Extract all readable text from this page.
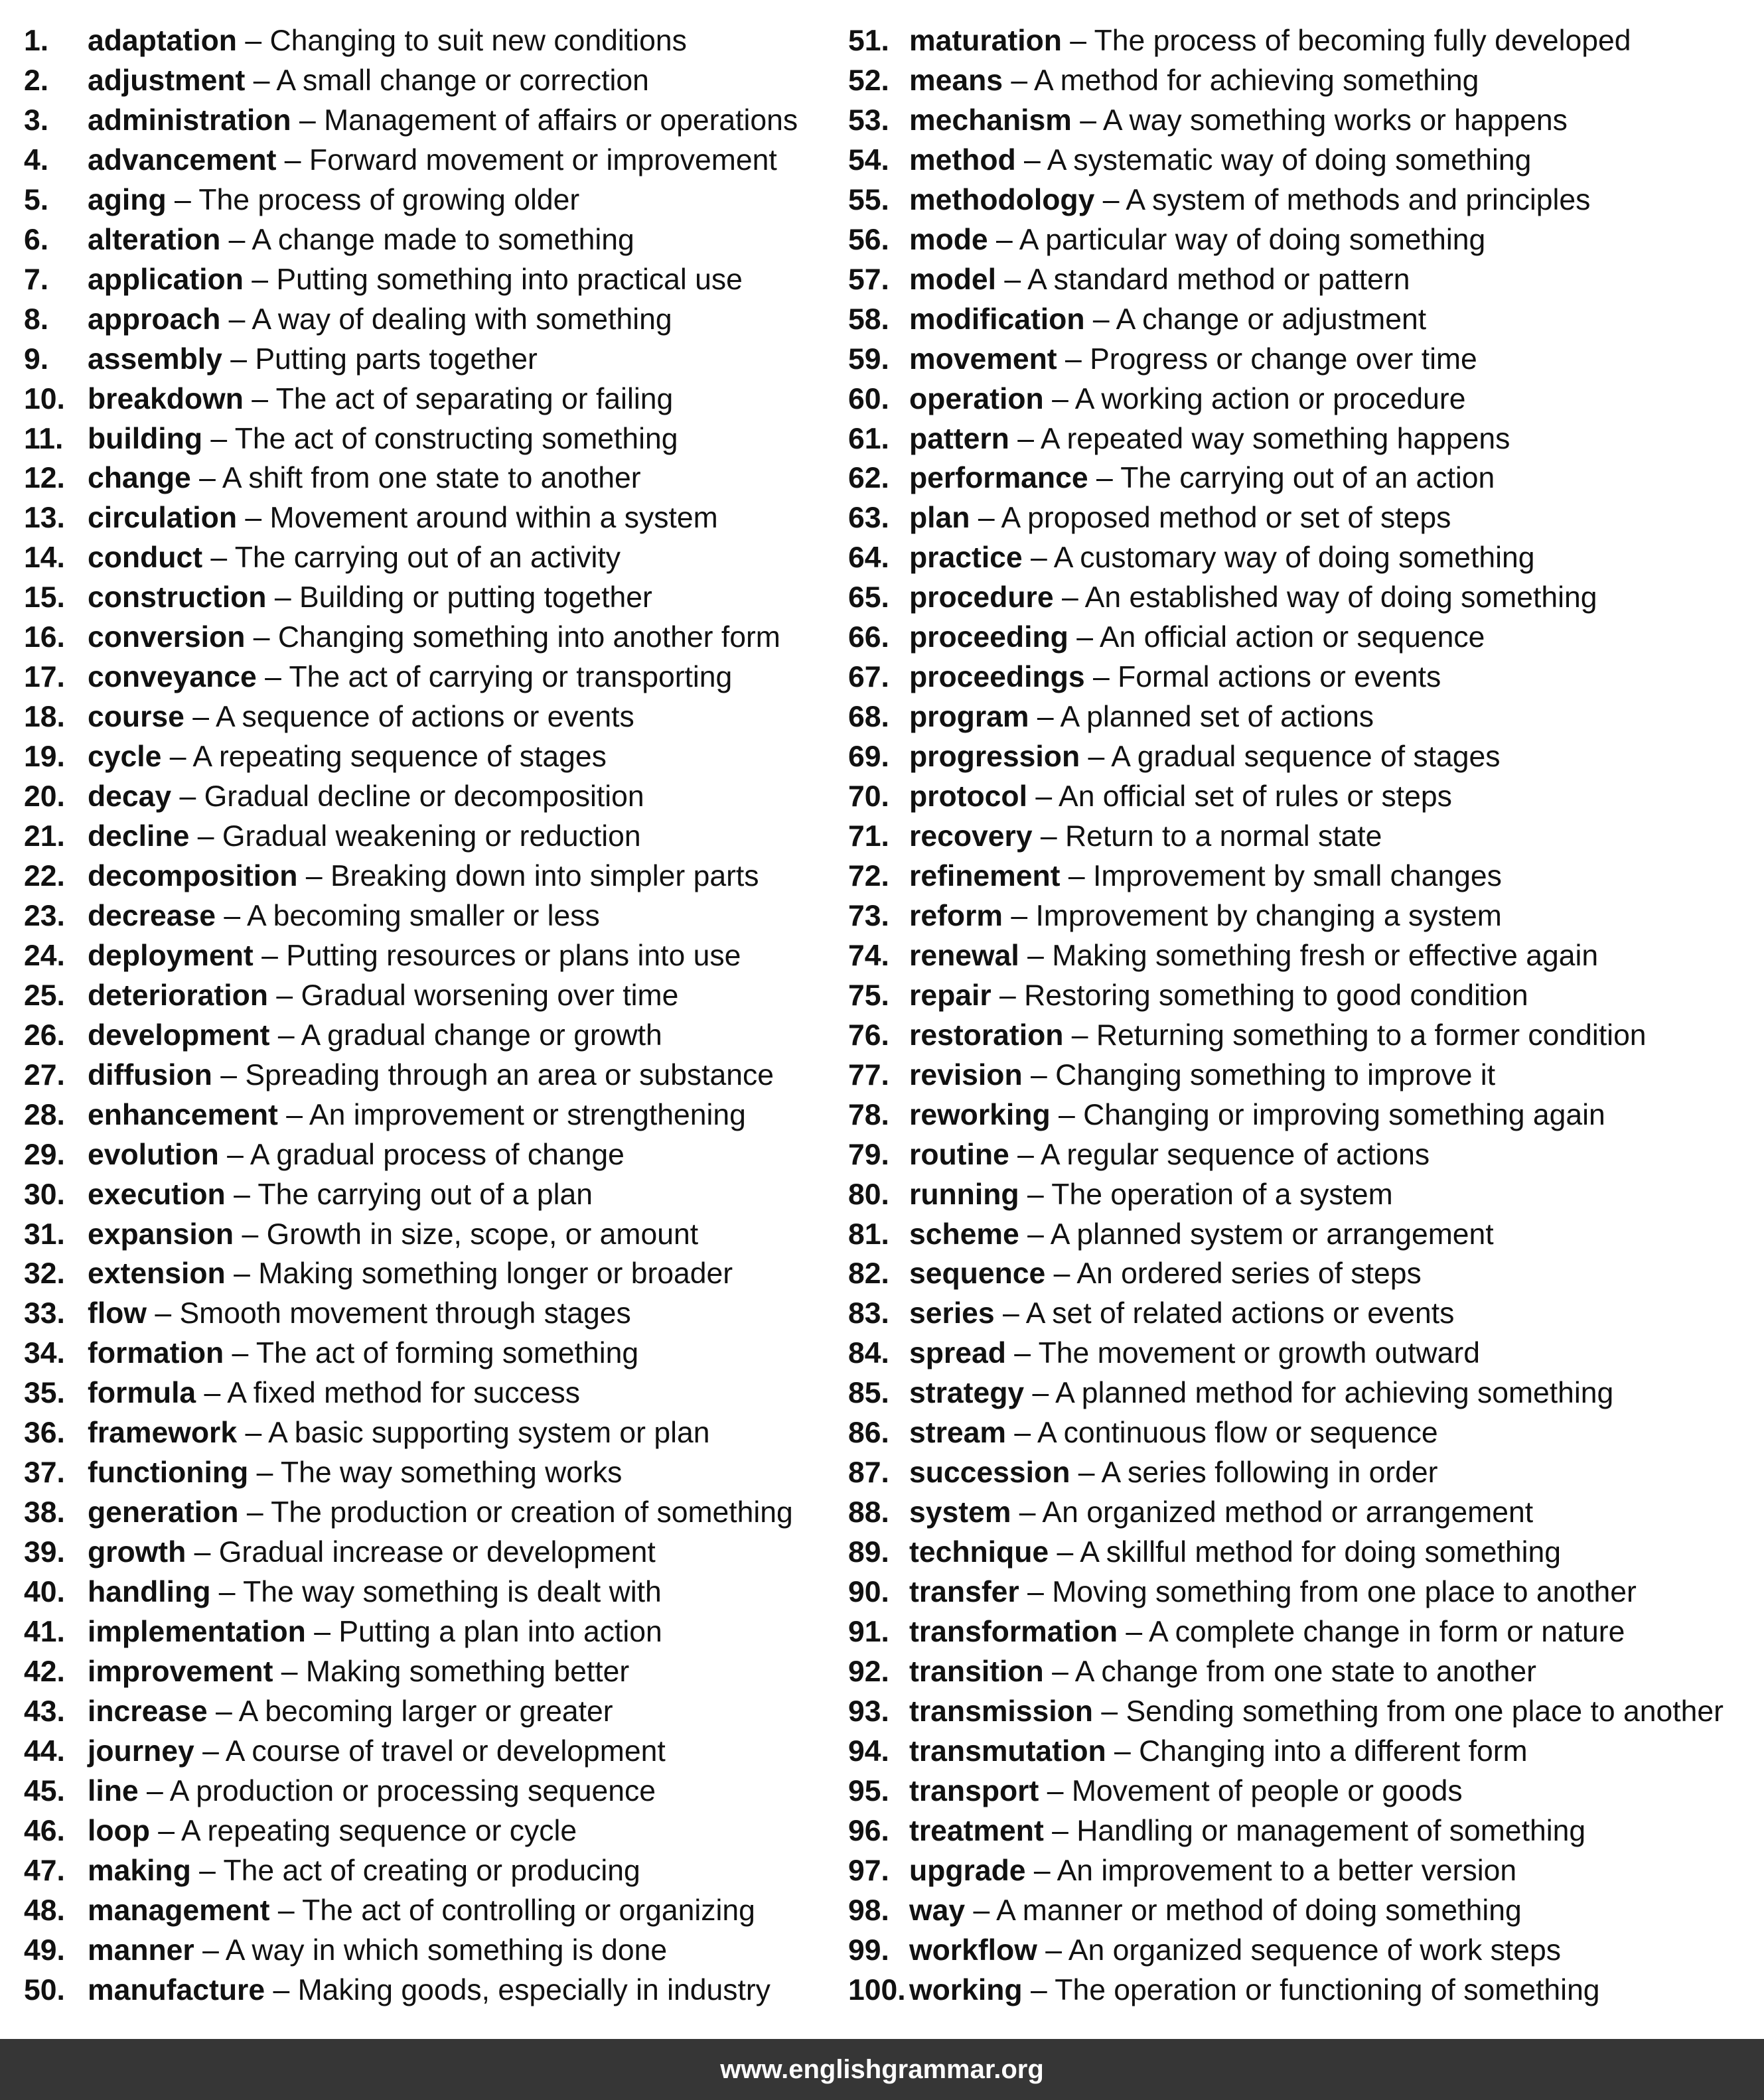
1. adaptation – Changing to suit new conditions
2. adjustment – A small change or correction
3. administration – Management of affairs or operations
4. advancement – Forward movement or improvement
5. aging – The process of growing older
6. alteration – A change made to something
7. application – Putting something into practical use
8. approach – A way of dealing with something
9. assembly – Putting parts together
10. breakdown – The act of separating or failing
11. building – The act of constructing something
12. change – A shift from one state to another
13. circulation – Movement around within a system
14. conduct – The carrying out of an activity
15. construction – Building or putting together
16. conversion – Changing something into another form
17. conveyance – The act of carrying or transporting
18. course – A sequence of actions or events
19. cycle – A repeating sequence of stages
20. decay – Gradual decline or decomposition
21. decline – Gradual weakening or reduction
22. decomposition – Breaking down into simpler parts
23. decrease – A becoming smaller or less
24. deployment – Putting resources or plans into use
25. deterioration – Gradual worsening over time
26. development – A gradual change or growth
27. diffusion – Spreading through an area or substance
28. enhancement – An improvement or strengthening
29. evolution – A gradual process of change
30. execution – The carrying out of a plan
31. expansion – Growth in size, scope, or amount
32. extension – Making something longer or broader
33. flow – Smooth movement through stages
34. formation – The act of forming something
35. formula – A fixed method for success
36. framework – A basic supporting system or plan
37. functioning – The way something works
38. generation – The production or creation of something
39. growth – Gradual increase or development
40. handling – The way something is dealt with
41. implementation – Putting a plan into action
42. improvement – Making something better
43. increase – A becoming larger or greater
44. journey – A course of travel or development
45. line – A production or processing sequence
46. loop – A repeating sequence or cycle
47. making – The act of creating or producing
48. management – The act of controlling or organizing
49. manner – A way in which something is done
50. manufacture – Making goods, especially in industry
51. maturation – The process of becoming fully developed
52. means – A method for achieving something
53. mechanism – A way something works or happens
54. method – A systematic way of doing something
55. methodology – A system of methods and principles
56. mode – A particular way of doing something
57. model – A standard method or pattern
58. modification – A change or adjustment
59. movement – Progress or change over time
60. operation – A working action or procedure
61. pattern – A repeated way something happens
62. performance – The carrying out of an action
63. plan – A proposed method or set of steps
64. practice – A customary way of doing something
65. procedure – An established way of doing something
66. proceeding – An official action or sequence
67. proceedings – Formal actions or events
68. program – A planned set of actions
69. progression – A gradual sequence of stages
70. protocol – An official set of rules or steps
71. recovery – Return to a normal state
72. refinement – Improvement by small changes
73. reform – Improvement by changing a system
74. renewal – Making something fresh or effective again
75. repair – Restoring something to good condition
76. restoration – Returning something to a former condition
77. revision – Changing something to improve it
78. reworking – Changing or improving something again
79. routine – A regular sequence of actions
80. running – The operation of a system
81. scheme – A planned system or arrangement
82. sequence – An ordered series of steps
83. series – A set of related actions or events
84. spread – The movement or growth outward
85. strategy – A planned method for achieving something
86. stream – A continuous flow or sequence
87. succession – A series following in order
88. system – An organized method or arrangement
89. technique – A skillful method for doing something
90. transfer – Moving something from one place to another
91. transformation – A complete change in form or nature
92. transition – A change from one state to another
93. transmission – Sending something from one place to another
94. transmutation – Changing into a different form
95. transport – Movement of people or goods
96. treatment – Handling or management of something
97. upgrade – An improvement to a better version
98. way – A manner or method of doing something
99. workflow – An organized sequence of work steps
100. working – The operation or functioning of something
www.englishgrammar.org
